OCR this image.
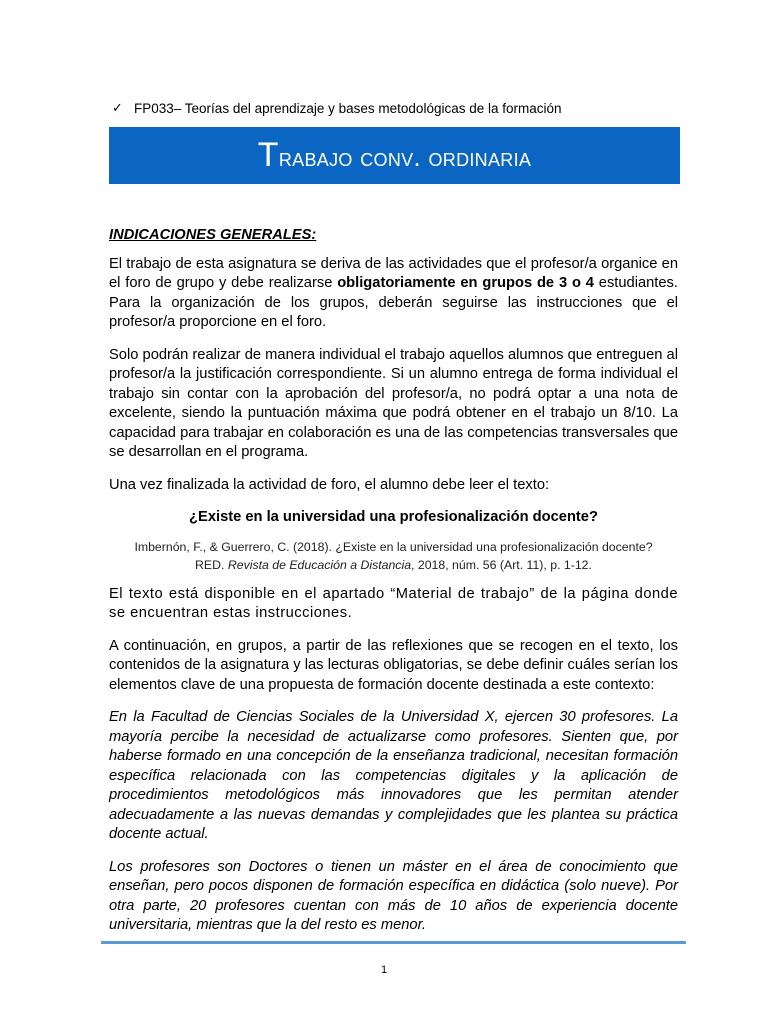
✓ FP033 – Teorías del aprendizaje y bases metodológicas de la formación
Trabajo conv. ordinaria
INDICACIONES GENERALES:

El trabajo de esta asignatura se deriva de las actividades que el profesor/a organice en el foro de grupo y debe realizarse obligatoriamente en grupos de 3 o 4 estudiantes. Para la organización de los grupos, deberán seguirse las instrucciones que el profesor/a proporcione en el foro.

Solo podrán realizar de manera individual el trabajo aquellos alumnos que entreguen al profesor/a la justificación correspondiente. Si un alumno entrega de forma individual el trabajo sin contar con la aprobación del profesor/a, no podrá optar a una nota de excelente, siendo la puntuación máxima que podrá obtener en el trabajo un 8/10. La capacidad para trabajar en colaboración es una de las competencias transversales que se desarrollan en el programa.

Una vez finalizada la actividad de foro, el alumno debe leer el texto:

¿Existe en la universidad una profesionalización docente?
Imbernón, F., & Guerrero, C. (2018). ¿Existe en la universidad una profesionalización docente?
RED. Revista de Educación a Distancia, 2018, núm. 56 (Art. 11), p. 1-12.

El texto está disponible en el apartado “Material de trabajo” de la página donde se encuentran estas instrucciones.

A continuación, en grupos, a partir de las reflexiones que se recogen en el texto, los contenidos de la asignatura y las lecturas obligatorias, se debe definir cuáles serían los elementos clave de una propuesta de formación docente destinada a este contexto:

En la Facultad de Ciencias Sociales de la Universidad X, ejercen 30 profesores. La mayoría percibe la necesidad de actualizarse como profesores. Sienten que, por haberse formado en una concepción de la enseñanza tradicional, necesitan formación específica relacionada con las competencias digitales y la aplicación de procedimientos metodológicos más innovadores que les permitan atender adecuadamente a las nuevas demandas y complejidades que les plantea su práctica docente actual.

Los profesores son Doctores o tienen un máster en el área de conocimiento que enseñan, pero pocos disponen de formación específica en didáctica (solo nueve). Por otra parte, 20 profesores cuentan con más de 10 años de experiencia docente universitaria, mientras que la del resto es menor.

1
